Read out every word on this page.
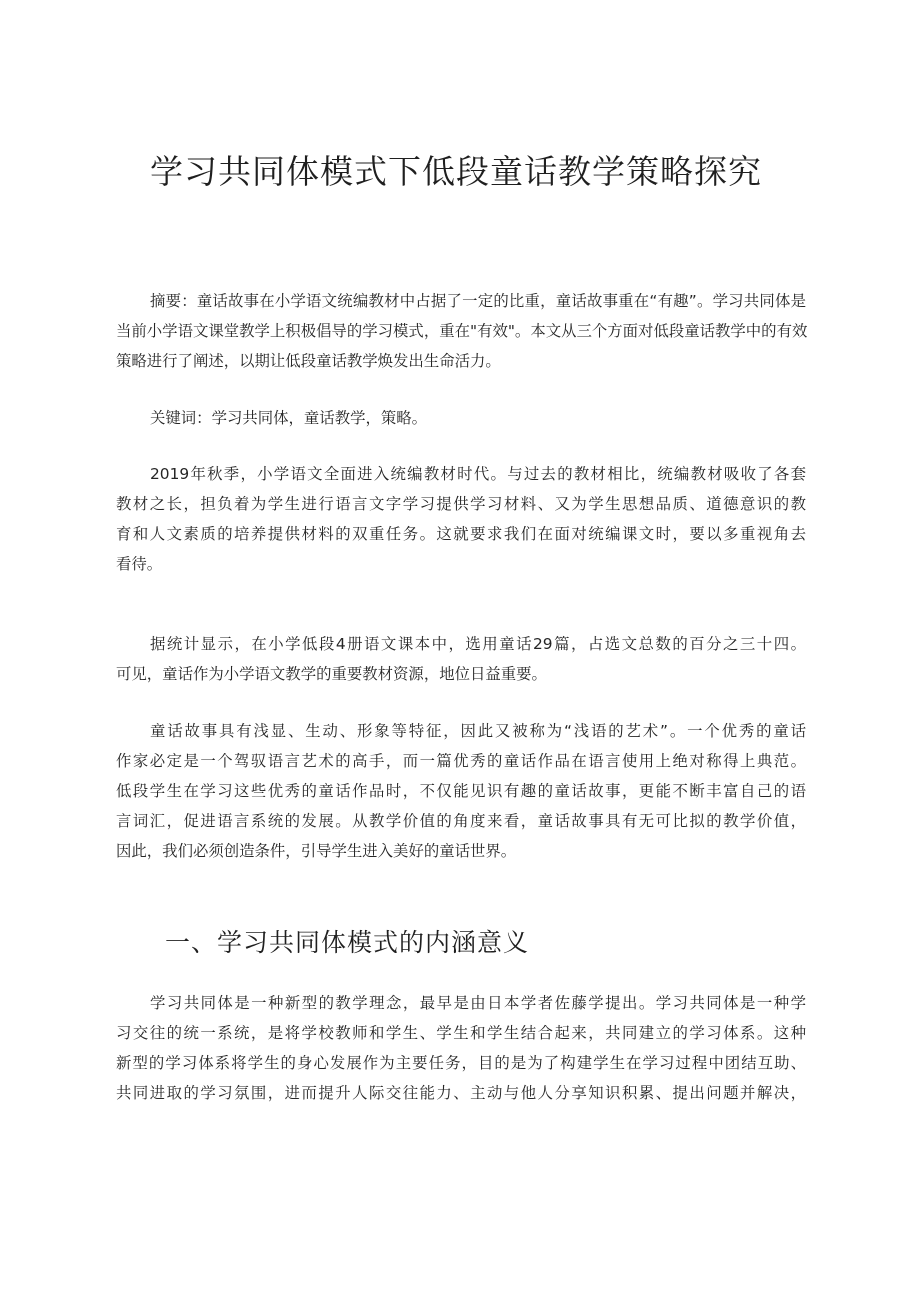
学习共同体模式下低段童话教学策略探究
摘要：童话故事在小学语文统编教材中占据了一定的比重，童话故事重在“有趣”。学习共同体是
当前小学语文课堂教学上积极倡导的学习模式，重在"有效"。本文从三个方面对低段童话教学中的有效
策略进行了阐述，以期让低段童话教学焕发出生命活力。
关键词：学习共同体，童话教学，策略。
2019年秋季，小学语文全面进入统编教材时代。与过去的教材相比，统编教材吸收了各套
教材之长，担负着为学生进行语言文字学习提供学习材料、又为学生思想品质、道德意识的教
育和人文素质的培养提供材料的双重任务。这就要求我们在面对统编课文时，要以多重视角去
看待。
据统计显示，在小学低段4册语文课本中，选用童话29篇，占选文总数的百分之三十四。
可见，童话作为小学语文教学的重要教材资源，地位日益重要。
童话故事具有浅显、生动、形象等特征，因此又被称为“浅语的艺术”。一个优秀的童话
作家必定是一个驾驭语言艺术的高手，而一篇优秀的童话作品在语言使用上绝对称得上典范。
低段学生在学习这些优秀的童话作品时，不仅能见识有趣的童话故事，更能不断丰富自己的语
言词汇，促进语言系统的发展。从教学价值的角度来看，童话故事具有无可比拟的教学价值，
因此，我们必须创造条件，引导学生进入美好的童话世界。
一、学习共同体模式的内涵意义
学习共同体是一种新型的教学理念，最早是由日本学者佐藤学提出。学习共同体是一种学
习交往的统一系统，是将学校教师和学生、学生和学生结合起来，共同建立的学习体系。这种
新型的学习体系将学生的身心发展作为主要任务，目的是为了构建学生在学习过程中团结互助、
共同进取的学习氛围，进而提升人际交往能力、主动与他人分享知识积累、提出问题并解决，
